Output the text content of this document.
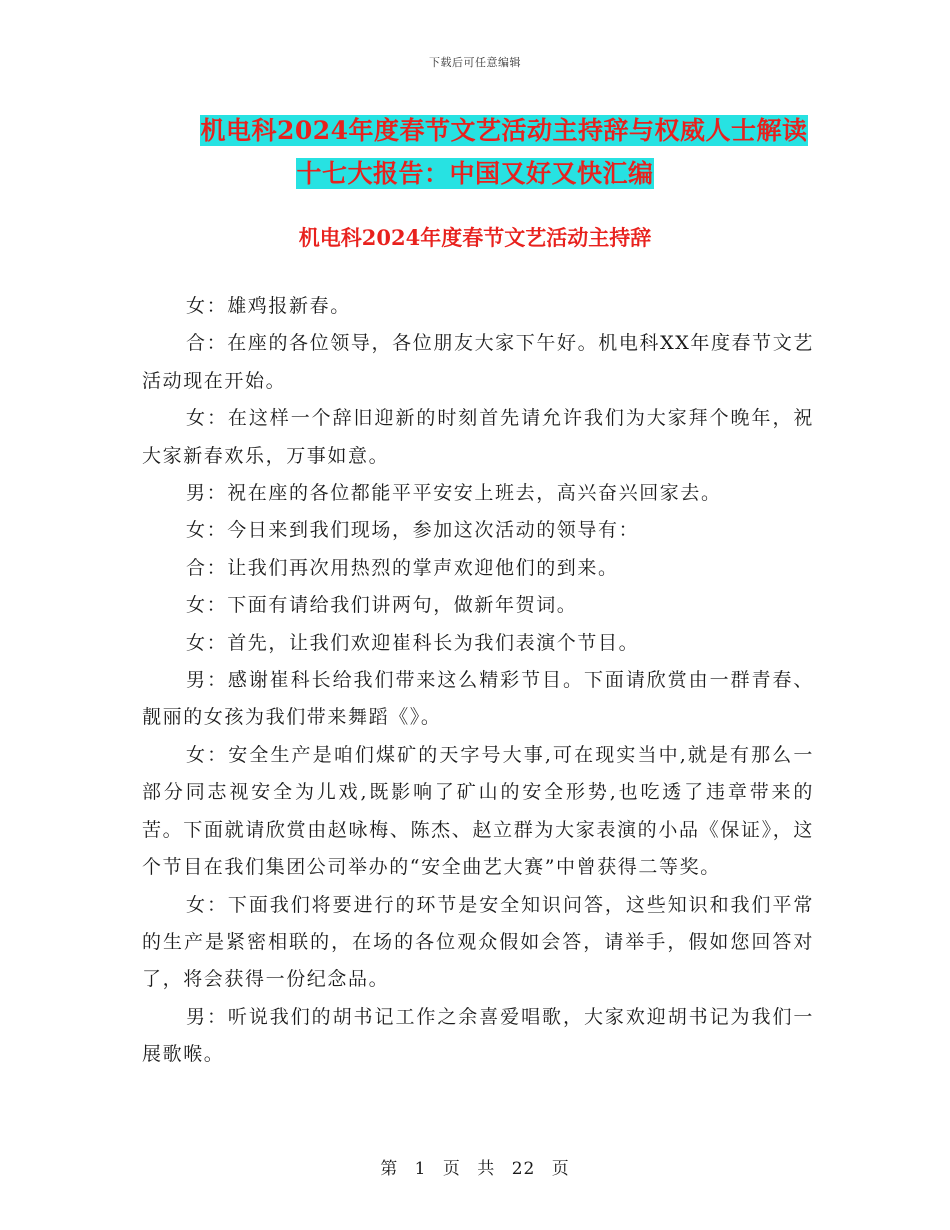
下载后可任意编辑
机电科2024年度春节文艺活动主持辞与权威人士解读
十七大报告：中国又好又快汇编
机电科2024年度春节文艺活动主持辞

女：雄鸡报新春。

合：在座的各位领导，各位朋友大家下午好。机电科XX年度春节文艺活动现在开始。

女：在这样一个辞旧迎新的时刻首先请允许我们为大家拜个晚年，祝大家新春欢乐，万事如意。

男：祝在座的各位都能平平安安上班去，高兴奋兴回家去。

女：今日来到我们现场，参加这次活动的领导有：

合：让我们再次用热烈的掌声欢迎他们的到来。

女：下面有请给我们讲两句，做新年贺词。

女：首先，让我们欢迎崔科长为我们表演个节目。

男：感谢崔科长给我们带来这么精彩节目。下面请欣赏由一群青春、靓丽的女孩为我们带来舞蹈《》。

女：安全生产是咱们煤矿的天字号大事,可在现实当中,就是有那么一部分同志视安全为儿戏,既影响了矿山的安全形势,也吃透了违章带来的苦。下面就请欣赏由赵咏梅、陈杰、赵立群为大家表演的小品《保证》，这个节目在我们集团公司举办的“安全曲艺大赛”中曾获得二等奖。

女：下面我们将要进行的环节是安全知识问答，这些知识和我们平常的生产是紧密相联的，在场的各位观众假如会答，请举手，假如您回答对了，将会获得一份纪念品。

男：听说我们的胡书记工作之余喜爱唱歌，大家欢迎胡书记为我们一展歌喉。

第 1 页 共 22 页
